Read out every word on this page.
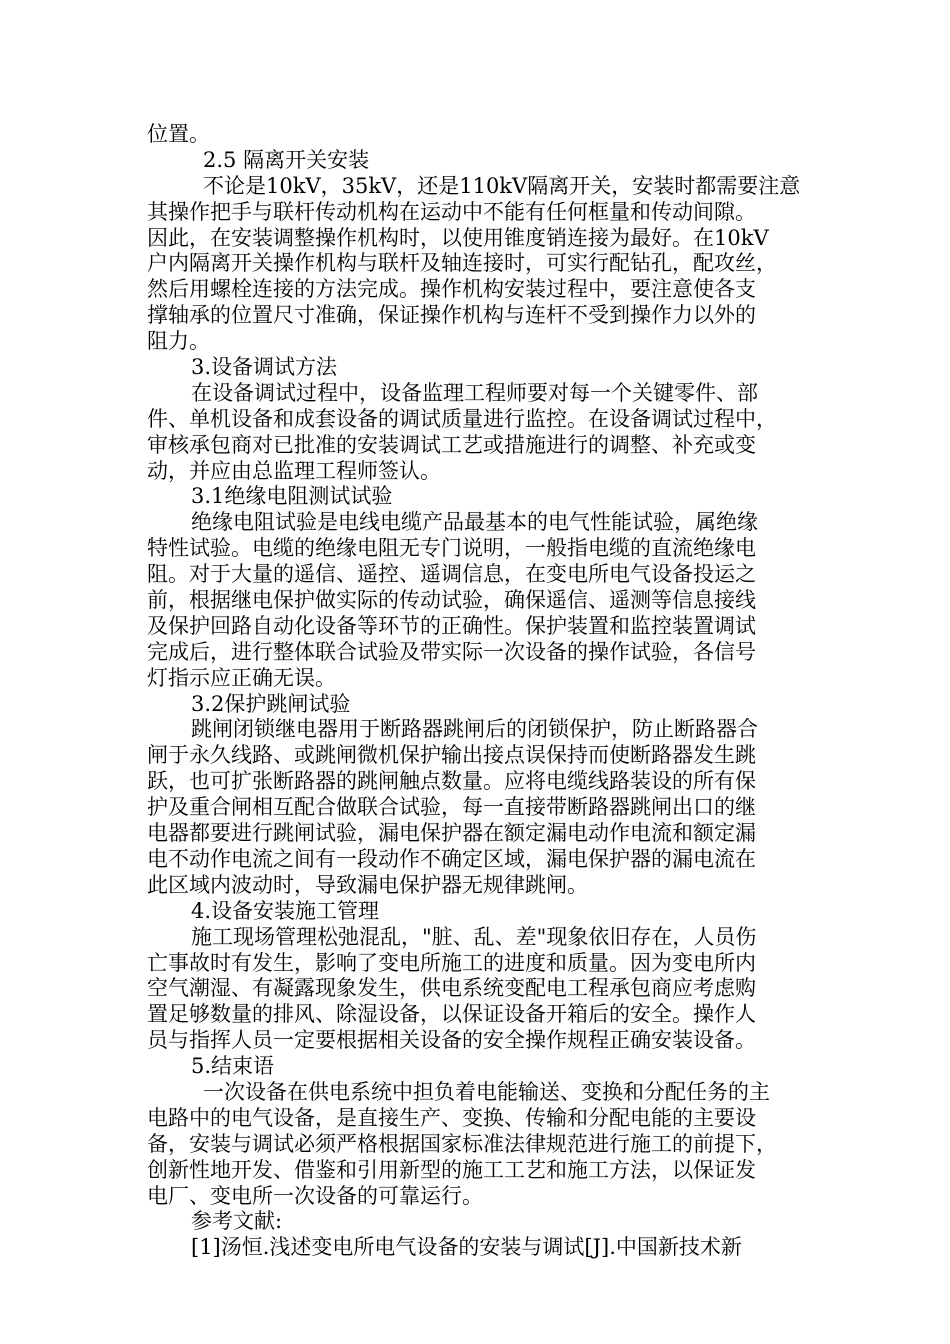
位置。
2.5 隔离开关安装
不论是10kV，35kV，还是110kV隔离开关，安装时都需要注意
其操作把手与联杆传动机构在运动中不能有任何框量和传动间隙。
因此，在安装调整操作机构时，以使用锥度销连接为最好。在10kV
户内隔离开关操作机构与联杆及轴连接时，可实行配钻孔，配攻丝，
然后用螺栓连接的方法完成。操作机构安装过程中，要注意使各支
撑轴承的位置尺寸准确，保证操作机构与连杆不受到操作力以外的
阻力。
3.设备调试方法
在设备调试过程中，设备监理工程师要对每一个关键零件、部
件、单机设备和成套设备的调试质量进行监控。在设备调试过程中，
审核承包商对已批准的安装调试工艺或措施进行的调整、补充或变
动，并应由总监理工程师签认。
3.1绝缘电阻测试试验
绝缘电阻试验是电线电缆产品最基本的电气性能试验，属绝缘
特性试验。电缆的绝缘电阻无专门说明，一般指电缆的直流绝缘电
阻。对于大量的遥信、遥控、遥调信息，在变电所电气设备投运之
前，根据继电保护做实际的传动试验，确保遥信、遥测等信息接线
及保护回路自动化设备等环节的正确性。保护装置和监控装置调试
完成后，进行整体联合试验及带实际一次设备的操作试验，各信号
灯指示应正确无误。
3.2保护跳闸试验
跳闸闭锁继电器用于断路器跳闸后的闭锁保护，防止断路器合
闸于永久线路、或跳闸微机保护输出接点误保持而使断路器发生跳
跃，也可扩张断路器的跳闸触点数量。应将电缆线路装设的所有保
护及重合闸相互配合做联合试验，每一直接带断路器跳闸出口的继
电器都要进行跳闸试验，漏电保护器在额定漏电动作电流和额定漏
电不动作电流之间有一段动作不确定区域，漏电保护器的漏电流在
此区域内波动时，导致漏电保护器无规律跳闸。
4.设备安装施工管理
施工现场管理松弛混乱，"脏、乱、差"现象依旧存在，人员伤
亡事故时有发生，影响了变电所施工的进度和质量。因为变电所内
空气潮湿、有凝露现象发生，供电系统变配电工程承包商应考虑购
置足够数量的排风、除湿设备，以保证设备开箱后的安全。操作人
员与指挥人员一定要根据相关设备的安全操作规程正确安装设备。
5.结束语
一次设备在供电系统中担负着电能输送、变换和分配任务的主
电路中的电气设备，是直接生产、变换、传输和分配电能的主要设
备，安装与调试必须严格根据国家标准法律规范进行施工的前提下，
创新性地开发、借鉴和引用新型的施工工艺和施工方法，以保证发
电厂、变电所一次设备的可靠运行。
参考文献:
[1]汤恒.浅述变电所电气设备的安装与调试[J].中国新技术新
